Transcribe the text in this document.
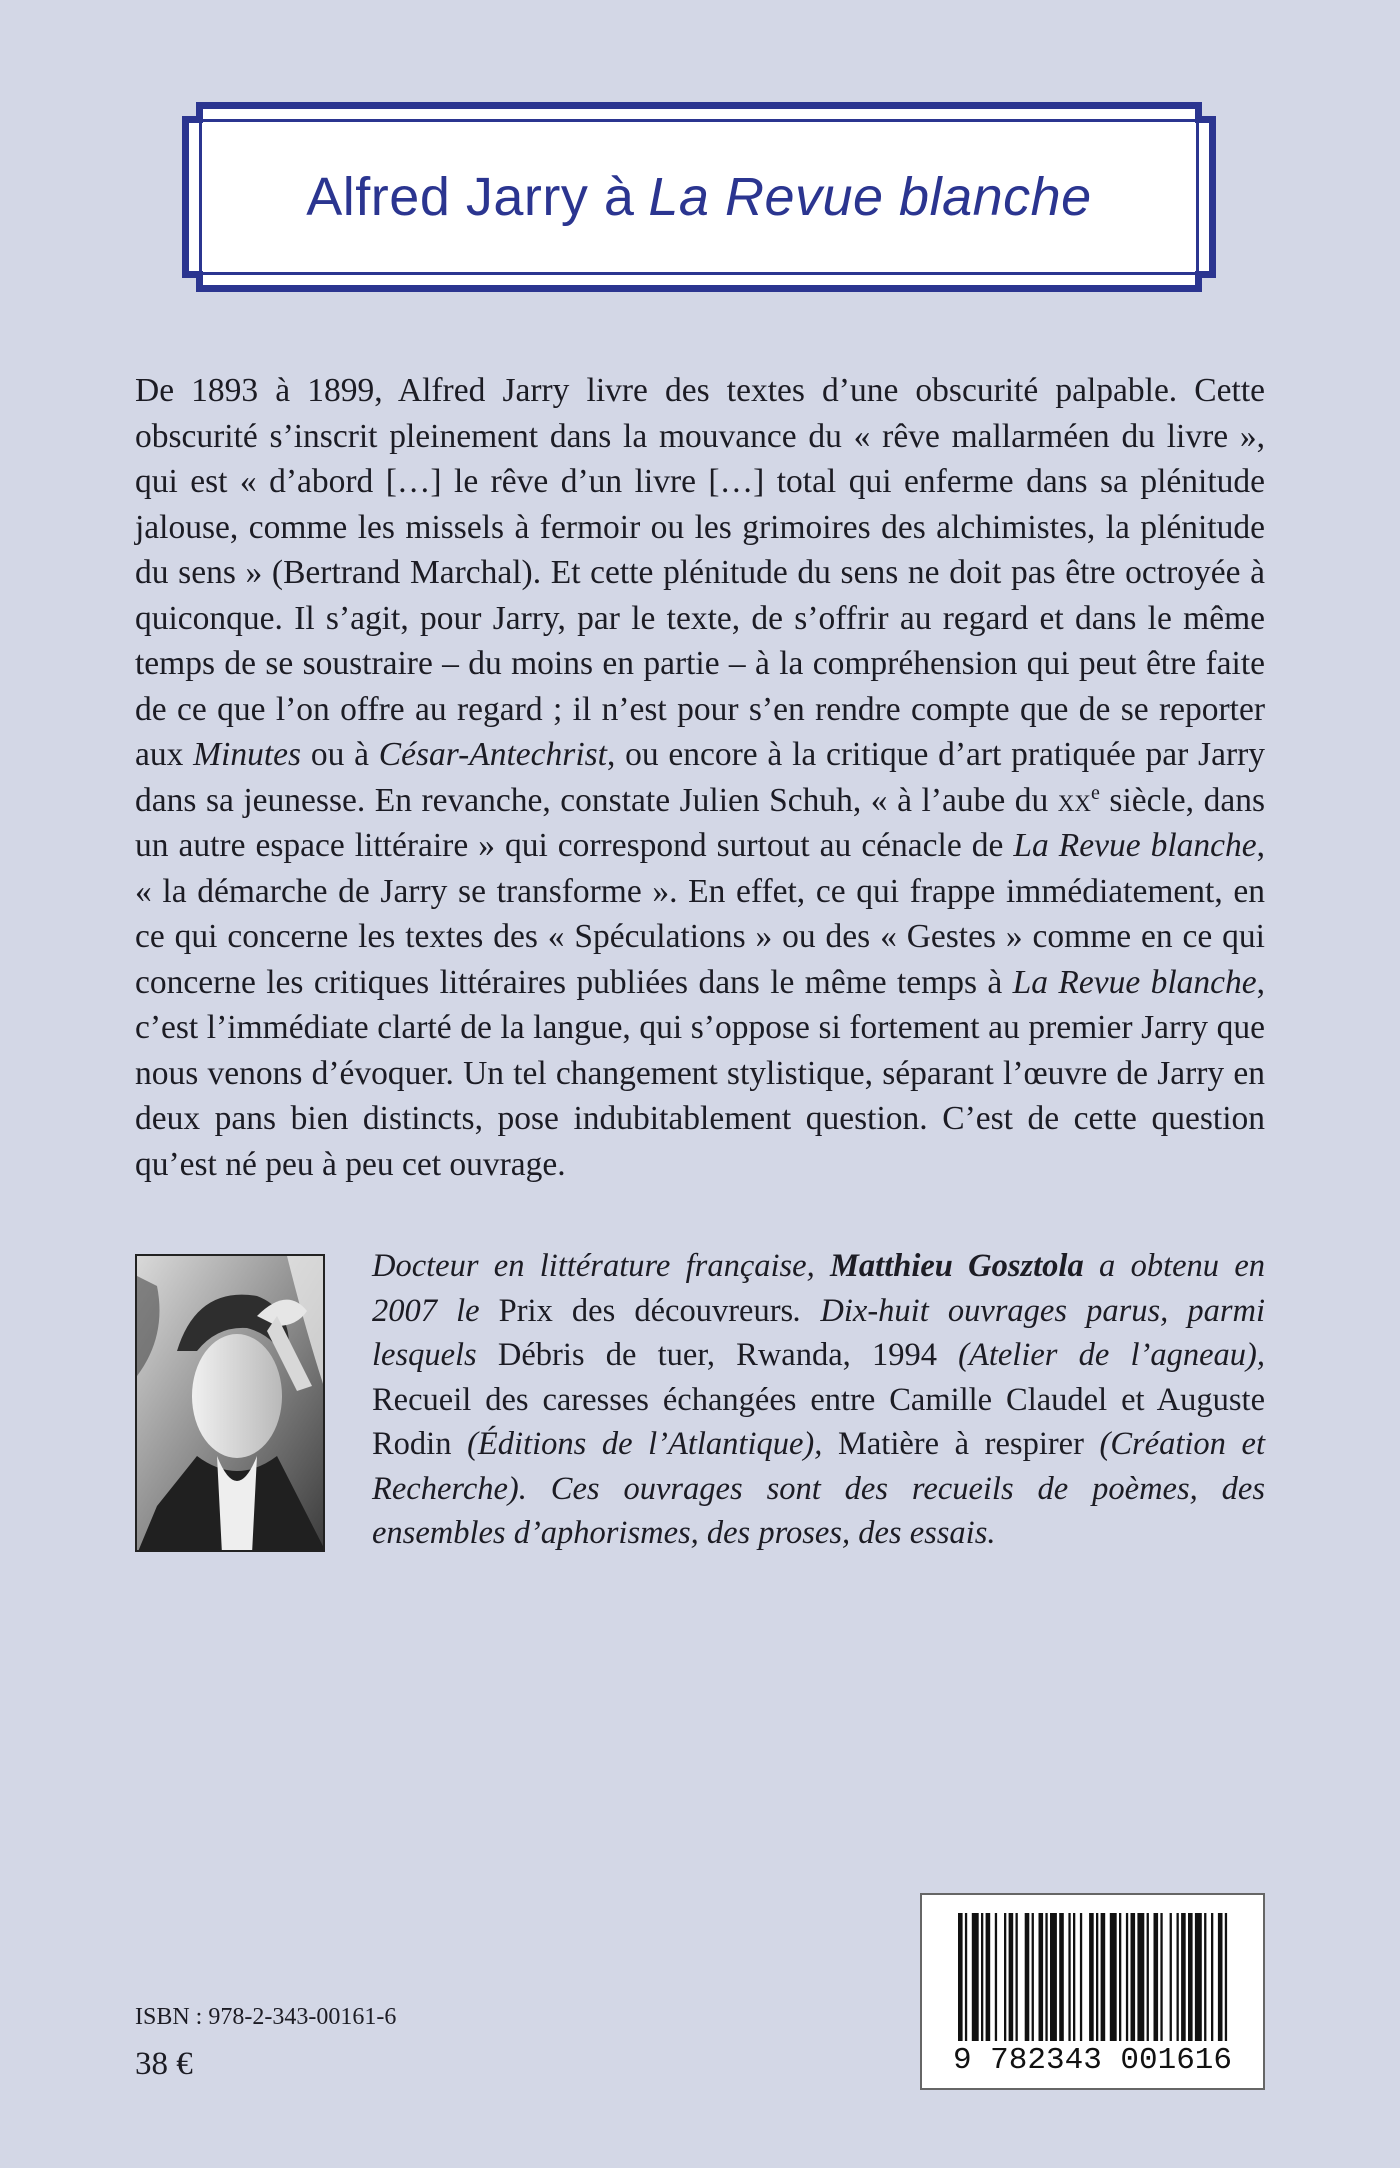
Alfred Jarry à La Revue blanche
De 1893 à 1899, Alfred Jarry livre des textes d’une obscurité palpable. Cette obscurité s’inscrit pleinement dans la mouvance du « rêve mallarméen du livre », qui est « d’abord […] le rêve d’un livre […] total qui enferme dans sa plénitude jalouse, comme les missels à fermoir ou les grimoires des alchimistes, la plénitude du sens » (Bertrand Marchal). Et cette plénitude du sens ne doit pas être octroyée à quiconque. Il s’agit, pour Jarry, par le texte, de s’offrir au regard et dans le même temps de se soustraire – du moins en partie – à la compréhension qui peut être faite de ce que l’on offre au regard ; il n’est pour s’en rendre compte que de se reporter aux Minutes ou à César-Antechrist, ou encore à la critique d’art pratiquée par Jarry dans sa jeunesse. En revanche, constate Julien Schuh, « à l’aube du $xx^e$ siècle, dans un autre espace littéraire » qui correspond surtout au cénacle de La Revue blanche, « la démarche de Jarry se transforme ». En effet, ce qui frappe immédiatement, en ce qui concerne les textes des « Spéculations » ou des « Gestes » comme en ce qui concerne les critiques littéraires publiées dans le même temps à La Revue blanche, c’est l’immédiate clarté de la langue, qui s’oppose si fortement au premier Jarry que nous venons d’évoquer. Un tel changement stylistique, séparant l’œuvre de Jarry en deux pans bien distincts, pose indubitablement question. C’est de cette question qu’est né peu à peu cet ouvrage.
Docteur en littérature française, Matthieu Gosztola a obtenu en 2007 le Prix des découvreurs. Dix-huit ouvrages parus, parmi lesquels Débris de tuer, Rwanda, 1994 (Atelier de l’agneau), Recueil des caresses échangées entre Camille Claudel et Auguste Rodin (Éditions de l’Atlantique), Matière à respirer (Création et Recherche). Ces ouvrages sont des recueils de poèmes, des ensembles d’aphorismes, des proses, des essais.
ISBN : 978-2-343-00161-6
38 €	9 782343 001616
